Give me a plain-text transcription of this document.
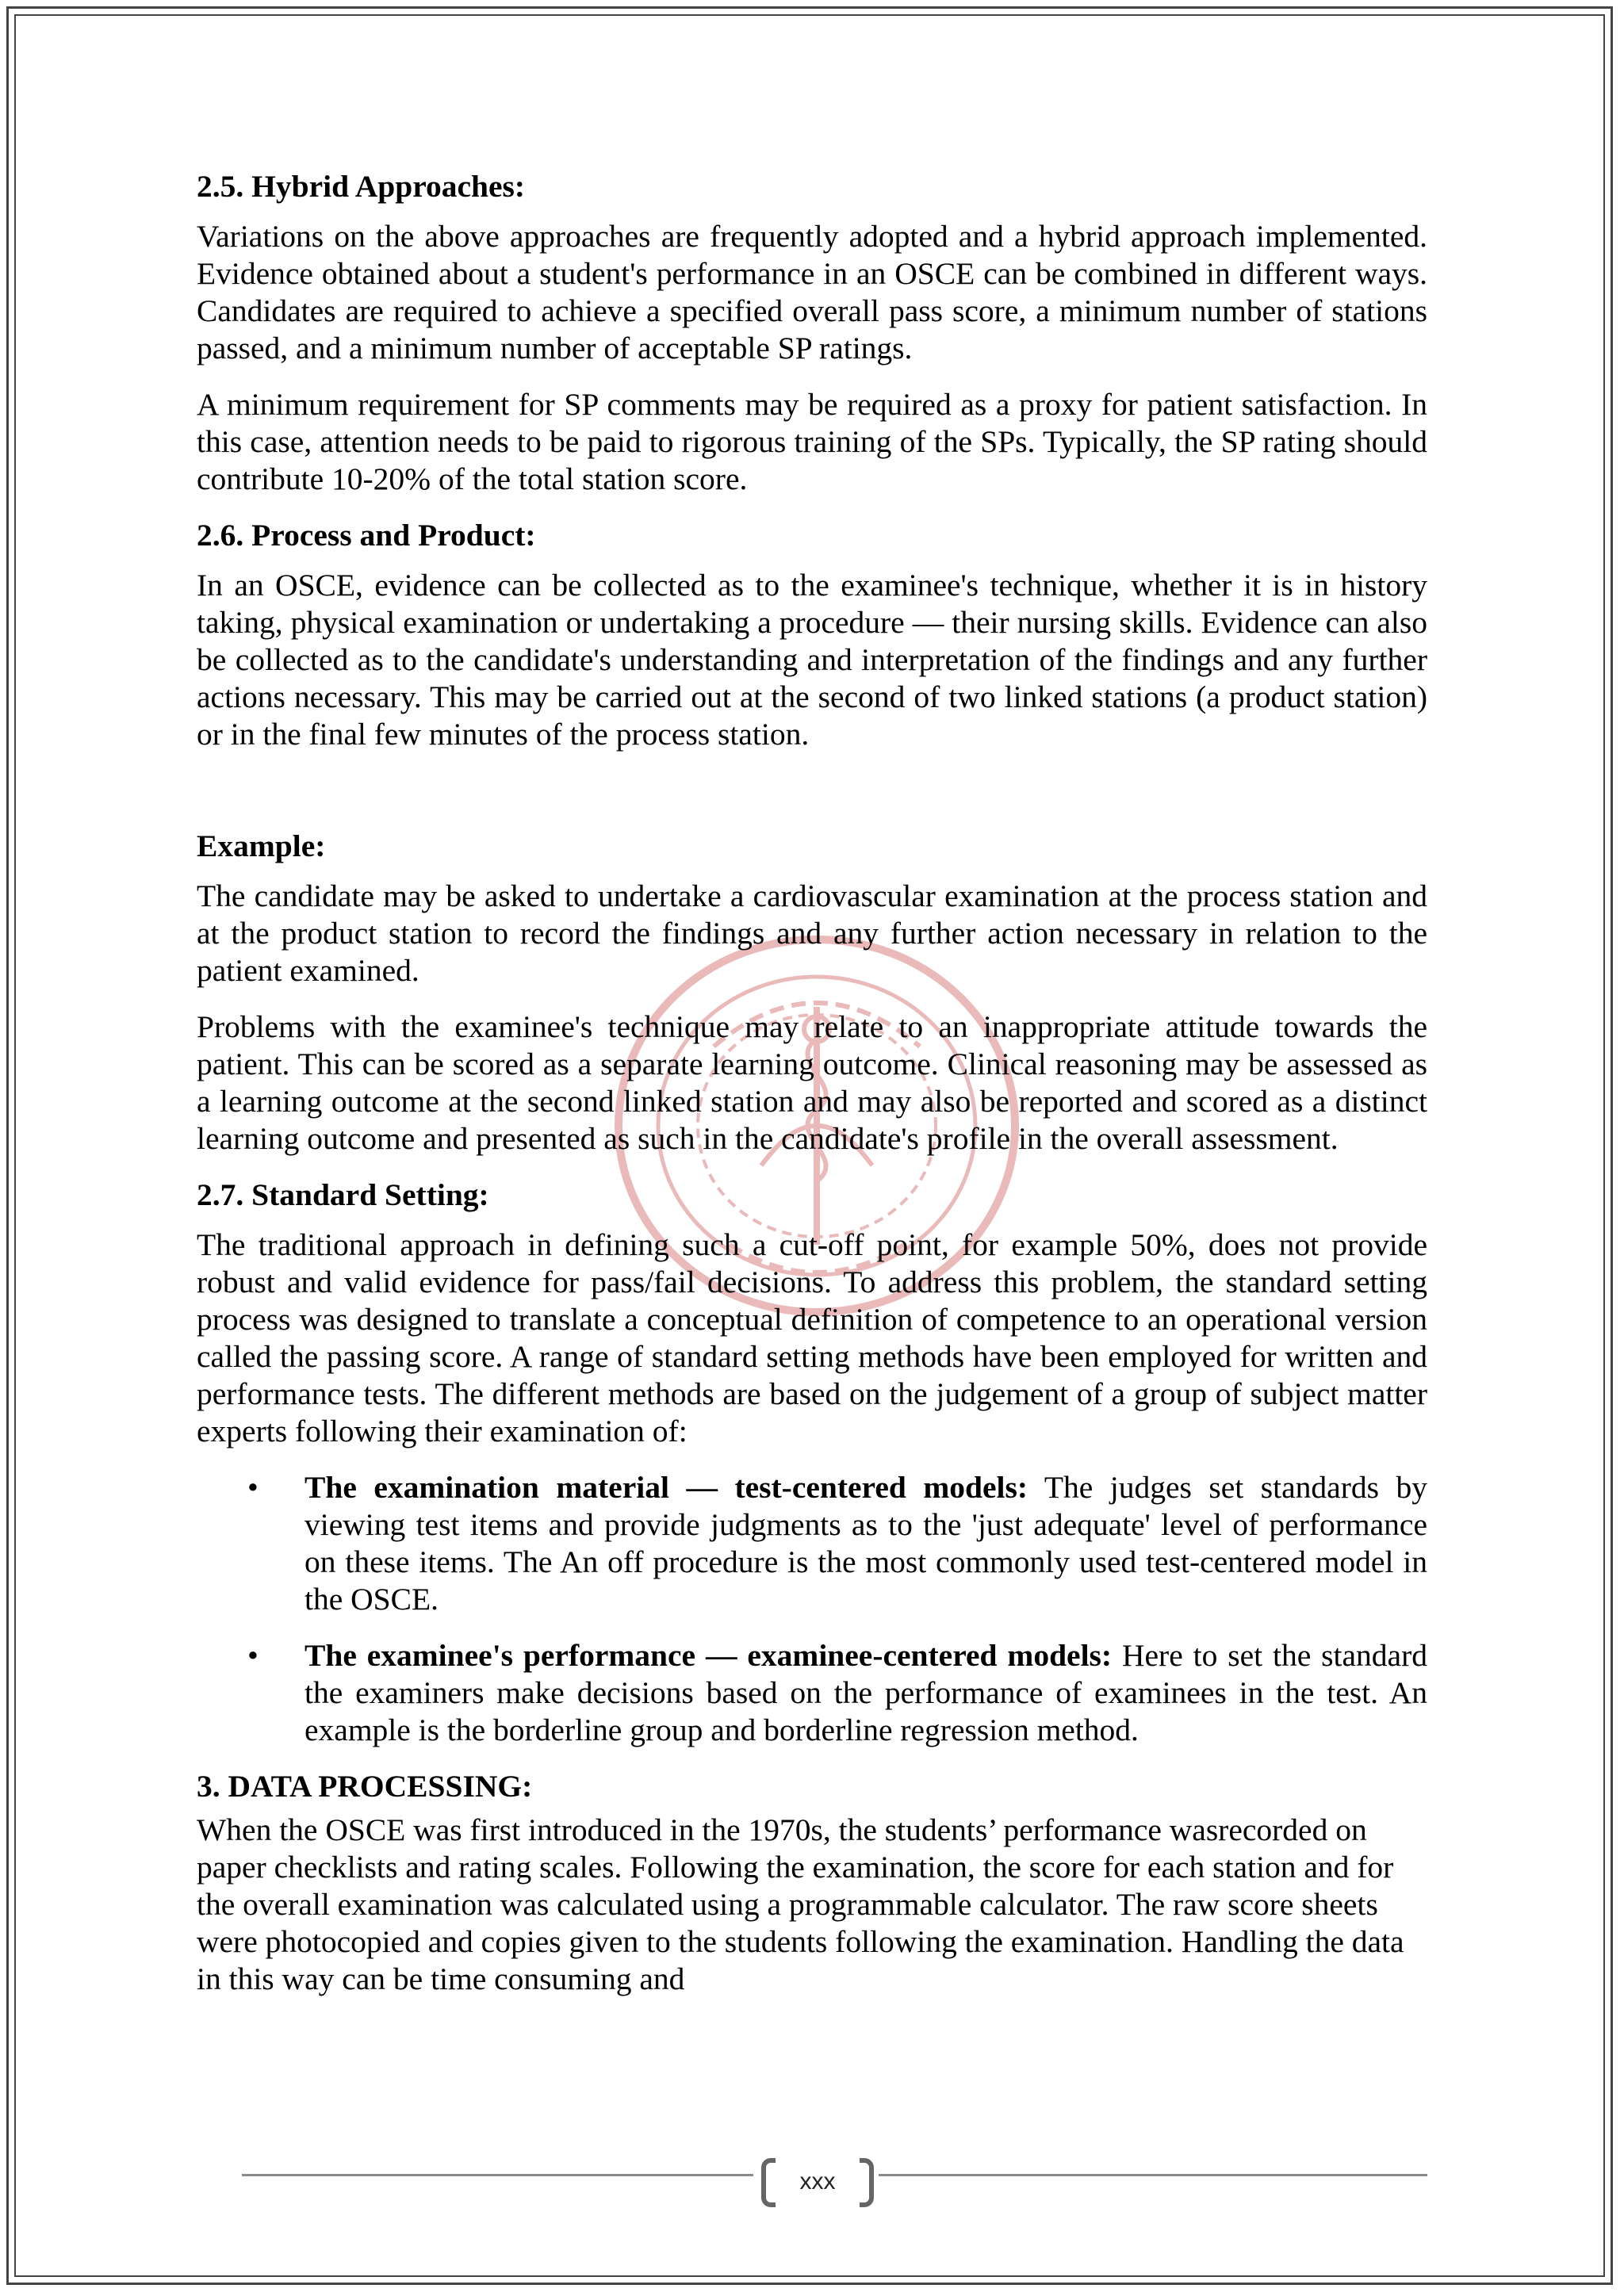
2.5. Hybrid Approaches:

Variations on the above approaches are frequently adopted and a hybrid approach implemented. Evidence obtained about a student's performance in an OSCE can be combined in different ways. Candidates are required to achieve a specified overall pass score, a minimum number of stations passed, and a minimum number of acceptable SP ratings.

A minimum requirement for SP comments may be required as a proxy for patient satisfaction. In this case, attention needs to be paid to rigorous training of the SPs. Typically, the SP rating should contribute 10-20% of the total station score.

2.6. Process and Product:

In an OSCE, evidence can be collected as to the examinee's technique, whether it is in history taking, physical examination or undertaking a procedure — their nursing skills. Evidence can also be collected as to the candidate's understanding and interpretation of the findings and any further actions necessary. This may be carried out at the second of two linked stations (a product station) or in the final few minutes of the process station.

Example:

The candidate may be asked to undertake a cardiovascular examination at the process station and at the product station to record the findings and any further action necessary in relation to the patient examined.

Problems with the examinee's technique may relate to an inappropriate attitude towards the patient. This can be scored as a separate learning outcome. Clinical reasoning may be assessed as a learning outcome at the second linked station and may also be reported and scored as a distinct learning outcome and presented as such in the candidate's profile in the overall assessment.

2.7. Standard Setting:

The traditional approach in defining such a cut-off point, for example 50%, does not provide robust and valid evidence for pass/fail decisions. To address this problem, the standard setting process was designed to translate a conceptual definition of competence to an operational version called the passing score. A range of standard setting methods have been employed for written and performance tests. The different methods are based on the judgement of a group of subject matter experts following their examination of:

• The examination material — test-centered models: The judges set standards by viewing test items and provide judgments as to the 'just adequate' level of performance on these items. The An off procedure is the most commonly used test-centered model in the OSCE.
• The examinee's performance — examinee-centered models: Here to set the standard the examiners make decisions based on the performance of examinees in the test. An example is the borderline group and borderline regression method.
3. DATA PROCESSING:

When the OSCE was first introduced in the 1970s, the students’ performance wasrecorded on paper checklists and rating scales. Following the examination, the score for each station and for the overall examination was calculated using a programmable calculator. The raw score sheets were photocopied and copies given to the students following the examination. Handling the data in this way can be time consuming and

xxx
